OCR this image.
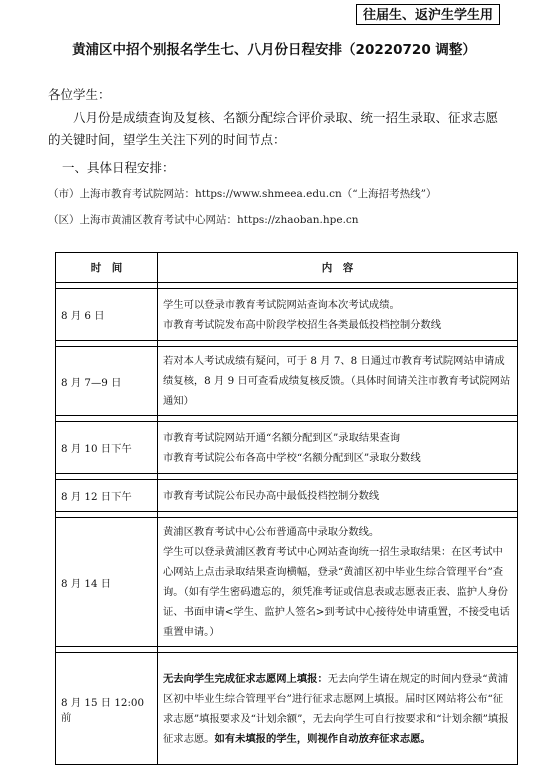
往届生、返沪生学生用
黄浦区中招个别报名学生七、八月份日程安排（20220720 调整）
各位学生：
八月份是成绩查询及复核、名额分配综合评价录取、统一招生录取、征求志愿的关键时间，望学生关注下列的时间节点：
一、具体日程安排：
（市）上海市教育考试院网站：https://www.shmeea.edu.cn（“上海招考热线”）
（区）上海市黄浦区教育考试中心网站：https://zhaoban.hpe.cn
时　间	内　容

8 月 6 日	学生可以登录市教育考试院网站查询本次考试成绩。

市教育考试院发布高中阶段学校招生各类最低投档控制分数线

8 月 7—9 日	若对本人考试成绩有疑问，可于 8 月 7、8 日通过市教育考试院网站申请成绩复核，8 月 9 日可查看成绩复核反馈。（具体时间请关注市教育考试院网站通知）

8 月 10 日下午	市教育考试院网站开通“名额分配到区”录取结果查询

市教育考试院公布各高中学校“名额分配到区”录取分数线

8 月 12 日下午	市教育考试院公布民办高中最低投档控制分数线

8 月 14 日	黄浦区教育考试中心公布普通高中录取分数线。

学生可以登录黄浦区教育考试中心网站查询统一招生录取结果：在区考试中心网站上点击录取结果查询横幅，登录“黄浦区初中毕业生综合管理平台”查询。（如有学生密码遗忘的，须凭准考证或信息表或志愿表正表、监护人身份证、书面申请<学生、监护人签名>到考试中心接待处申请重置，不接受电话重置申请。）

8 月 15 日 12:00 前	无去向学生完成征求志愿网上填报：无去向学生请在规定的时间内登录“黄浦区初中毕业生综合管理平台”进行征求志愿网上填报。届时区网站将公布“征求志愿”填报要求及“计划余额”，无去向学生可自行按要求和“计划余额”填报征求志愿。如有未填报的学生，则视作自动放弃征求志愿。
